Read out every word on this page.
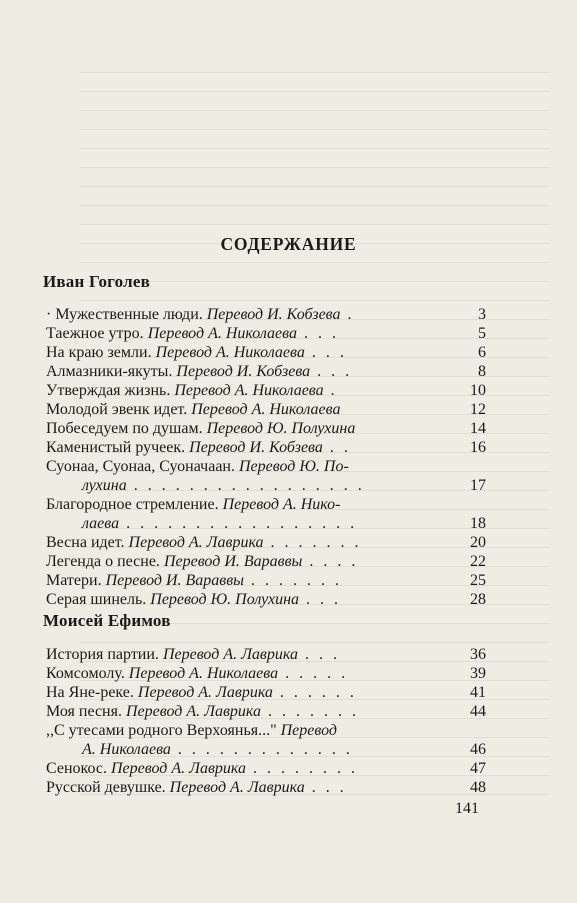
СОДЕРЖАНИЕ
Иван Гоголев
· Мужественные люди. Перевод И. Кобзева .	3
Таежное утро. Перевод А. Николаева . . .	5
На краю земли. Перевод А. Николаева . . .	6
Алмазники-якуты. Перевод И. Кобзева . . .	8
Утверждая жизнь. Перевод А. Николаева .	10
Молодой эвенк идет. Перевод А. Николаева	12
Побеседуем по душам. Перевод Ю. Полухина	14
Каменистый ручеек. Перевод И. Кобзева . .	16
Суонаа, Суонаа, Суоначаан. Перевод Ю. По-
лухина . . . . . . . . . . . . . . . . .	17
Благородное стремление. Перевод А. Нико-
лаева . . . . . . . . . . . . . . . . .	18
Весна идет. Перевод А. Лаврика . . . . . . .	20
Легенда о песне. Перевод И. Вараввы . . . .	22
Матери. Перевод И. Вараввы . . . . . . .	25
Серая шинель. Перевод Ю. Полухина . . .	28
Моисей Ефимов
История партии. Перевод А. Лаврика . . .	36
Комсомолу. Перевод А. Николаева . . . . .	39
На Яне-реке. Перевод А. Лаврика . . . . . .	41
Моя песня. Перевод А. Лаврика . . . . . . .	44
,,С утесами родного Верхоянья..." Перевод
А. Николаева . . . . . . . . . . . . .	46
Сенокос. Перевод А. Лаврика . . . . . . . .	47
Русской девушке. Перевод А. Лаврика . . .	48
141
